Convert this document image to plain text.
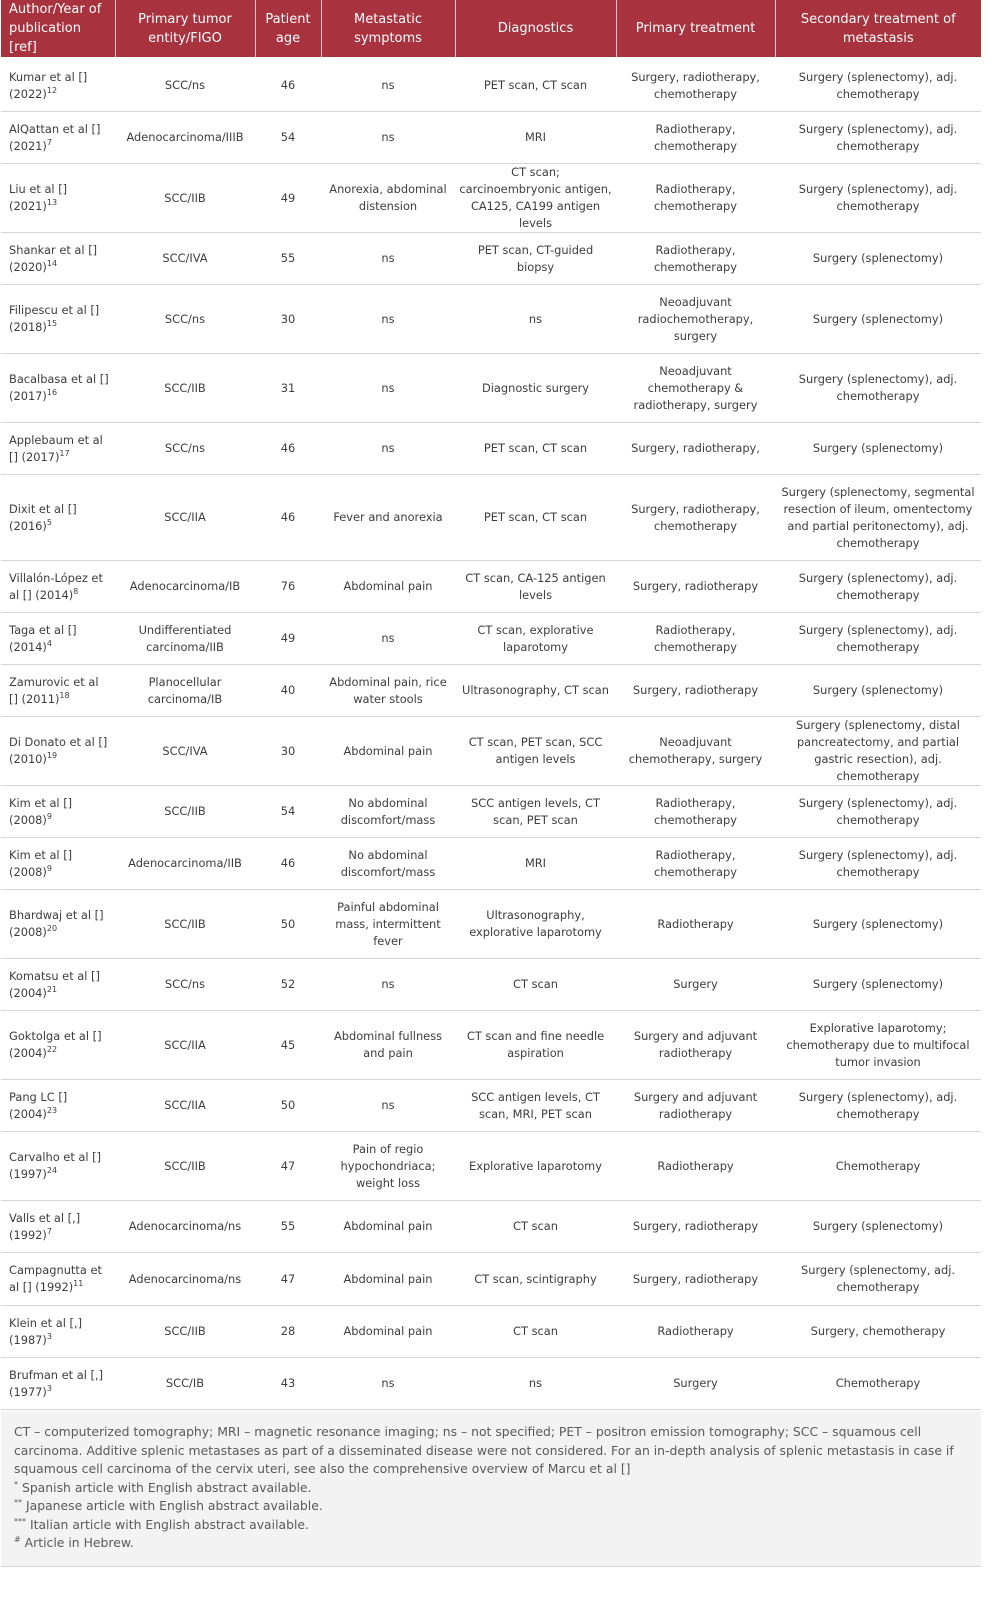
Author/Year of publication [ref]	Primary tumor entity/FIGO	Patient age	Metastatic symptoms	Diagnostics	Primary treatment	Secondary treatment of metastasis
Kumar et al [] $(2022)^{12}$	SCC/ns	46	ns	PET scan, CT scan	Surgery, radiotherapy, chemotherapy	Surgery (splenectomy), adj. chemotherapy
AlQattan et al [] $(2021)^7$	Adenocarcinoma/IIIB	54	ns	MRI	Radiotherapy, chemotherapy	Surgery (splenectomy), adj. chemotherapy
Liu et al [] $(2021)^{13}$	SCC/IIB	49	Anorexia, abdominal distension	CT scan; carcinoembryonic antigen, CA125, CA199 antigen levels	Radiotherapy, chemotherapy	Surgery (splenectomy), adj. chemotherapy
Shankar et al [] $(2020)^{14}$	SCC/IVA	55	ns	PET scan, CT-guided biopsy	Radiotherapy, chemotherapy	Surgery (splenectomy)
Filipescu et al [] $(2018)^{15}$	SCC/ns	30	ns	ns	Neoadjuvant radiochemotherapy, surgery	Surgery (splenectomy)
Bacalbasa et al [] $(2017)^{16}$	SCC/IIB	31	ns	Diagnostic surgery	Neoadjuvant chemotherapy & radiotherapy, surgery	Surgery (splenectomy), adj. chemotherapy
Applebaum et al [] $(2017)^{17}$	SCC/ns	46	ns	PET scan, CT scan	Surgery, radiotherapy,	Surgery (splenectomy)
Dixit et al [] $(2016)^5$	SCC/IIA	46	Fever and anorexia	PET scan, CT scan	Surgery, radiotherapy, chemotherapy	Surgery (splenectomy, segmental resection of ileum, omentectomy and partial peritonectomy), adj. chemotherapy
Villalón-López et al [] $(2014)^8$	Adenocarcinoma/IB	76	Abdominal pain	CT scan, CA-125 antigen levels	Surgery, radiotherapy	Surgery (splenectomy), adj. chemotherapy
Taga et al [] $(2014)^4$	Undifferentiated carcinoma/IIB	49	ns	CT scan, explorative laparotomy	Radiotherapy, chemotherapy	Surgery (splenectomy), adj. chemotherapy
Zamurovic et al [] $(2011)^{18}$	Planocellular carcinoma/IB	40	Abdominal pain, rice water stools	Ultrasonography, CT scan	Surgery, radiotherapy	Surgery (splenectomy)
Di Donato et al [] $(2010)^{19}$	SCC/IVA	30	Abdominal pain	CT scan, PET scan, SCC antigen levels	Neoadjuvant chemotherapy, surgery	Surgery (splenectomy, distal pancreatectomy, and partial gastric resection), adj. chemotherapy
Kim et al [] $(2008)^9$	SCC/IIB	54	No abdominal discomfort/mass	SCC antigen levels, CT scan, PET scan	Radiotherapy, chemotherapy	Surgery (splenectomy), adj. chemotherapy
Kim et al [] $(2008)^9$	Adenocarcinoma/IIB	46	No abdominal discomfort/mass	MRI	Radiotherapy, chemotherapy	Surgery (splenectomy), adj. chemotherapy
Bhardwaj et al [] $(2008)^{20}$	SCC/IIB	50	Painful abdominal mass, intermittent fever	Ultrasonography, explorative laparotomy	Radiotherapy	Surgery (splenectomy)
Komatsu et al [] $(2004)^{21}$	SCC/ns	52	ns	CT scan	Surgery	Surgery (splenectomy)
Goktolga et al [] $(2004)^{22}$	SCC/IIA	45	Abdominal fullness and pain	CT scan and fine needle aspiration	Surgery and adjuvant radiotherapy	Explorative laparotomy; chemotherapy due to multifocal tumor invasion
Pang LC [] $(2004)^{23}$	SCC/IIA	50	ns	SCC antigen levels, CT scan, MRI, PET scan	Surgery and adjuvant radiotherapy	Surgery (splenectomy), adj. chemotherapy
Carvalho et al [] $(1997)^{24}$	SCC/IIB	47	Pain of regio hypochondriaca; weight loss	Explorative laparotomy	Radiotherapy	Chemotherapy
Valls et al [,] $(1992)^7$	Adenocarcinoma/ns	55	Abdominal pain	CT scan	Surgery, radiotherapy	Surgery (splenectomy)
Campagnutta et al [] $(1992)^{11}$	Adenocarcinoma/ns	47	Abdominal pain	CT scan, scintigraphy	Surgery, radiotherapy	Surgery (splenectomy, adj. chemotherapy
Klein et al [,] $(1987)^3$	SCC/IIB	28	Abdominal pain	CT scan	Radiotherapy	Surgery, chemotherapy
Brufman et al [,] $(1977)^3$	SCC/IB	43	ns	ns	Surgery	Chemotherapy
CT – computerized tomography; MRI – magnetic resonance imaging; ns – not specified; PET – positron emission tomography; SCC – squamous cell carcinoma. Additive splenic metastases as part of a disseminated disease were not considered. For an in-depth analysis of splenic metastasis in case if squamous cell carcinoma of the cervix uteri, see also the comprehensive overview of Marcu et al []
* Spanish article with English abstract available.
** Japanese article with English abstract available.
*** Italian article with English abstract available.
# Article in Hebrew.
